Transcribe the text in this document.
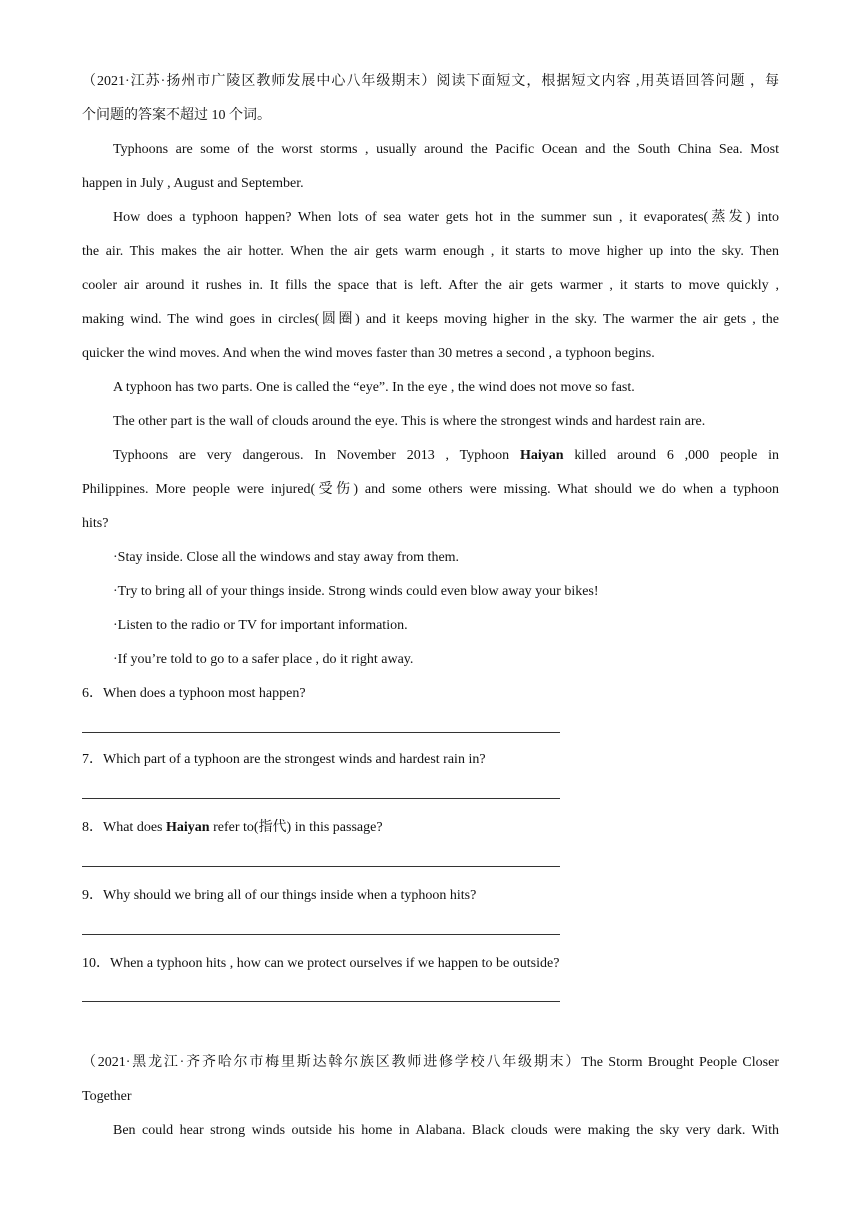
（2021·江苏·扬州市广陵区教师发展中心八年级期末）阅读下面短文，根据短文内容 ,用英语回答问题 ，每
个问题的答案不超过 10 个词。
Typhoons are some of the worst storms , usually around the Pacific Ocean and the South China Sea. Most
happen in July , August and September.
How does a typhoon happen? When lots of sea water gets hot in the summer sun , it evaporates(蒸发) into
the air. This makes the air hotter. When the air gets warm enough , it starts to move higher up into the sky. Then
cooler air around it rushes in. It fills the space that is left. After the air gets warmer , it starts to move quickly ,
making wind. The wind goes in circles(圆圈) and it keeps moving higher in the sky. The warmer the air gets , the
quicker the wind moves. And when the wind moves faster than 30 metres a second , a typhoon begins.
A typhoon has two parts. One is called the “eye”. In the eye , the wind does not move so fast.
The other part is the wall of clouds around the eye. This is where the strongest winds and hardest rain are.
Typhoons are very dangerous. In November 2013 , Typhoon Haiyan killed around 6 ,000 people in
Philippines. More people were injured(受伤) and some others were missing. What should we do when a typhoon
hits?
·Stay inside. Close all the windows and stay away from them.
·Try to bring all of your things inside. Strong winds could even blow away your bikes!
·Listen to the radio or TV for important information.
·If you’re told to go to a safer place , do it right away.
6．When does a typhoon most happen?
7．Which part of a typhoon are the strongest winds and hardest rain in?
8．What does Haiyan refer to(指代) in this passage?
9．Why should we bring all of our things inside when a typhoon hits?
10．When a typhoon hits , how can we protect ourselves if we happen to be outside?
（2021·黑龙江·齐齐哈尔市梅里斯达斡尔族区教师进修学校八年级期末）The Storm Brought People Closer
Together
Ben could hear strong winds outside his home in Alabana. Black clouds were making the sky very dark. With
